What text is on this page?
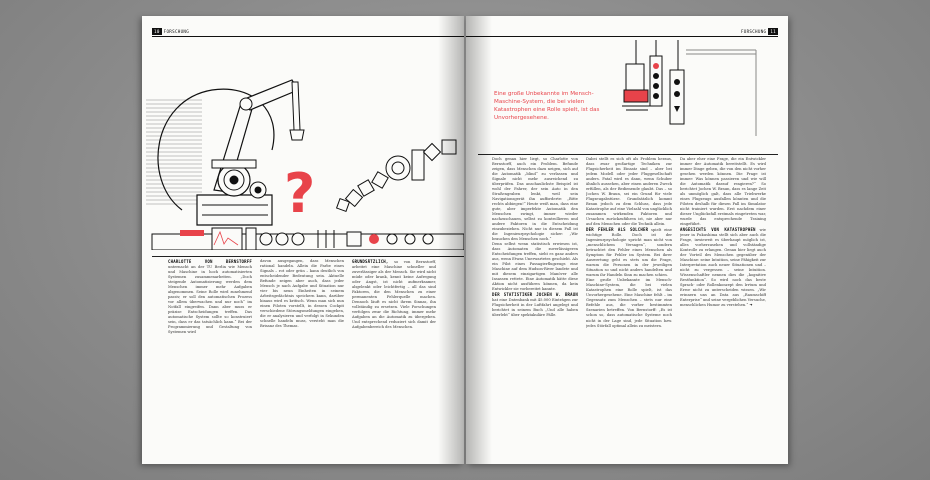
10 FORSCHUNG
?
CHARLOTTE VON BERNSTORFF unternacht an der TU Berlin wie Mensch und Maschine in hoch automatisierten Systemen zusammenarbeiten. „Doch steigende Automatisierung werden dem Menschen immer mehr Aufgaben abgenommen. Seine Rolle wird zunehmend passiv, er soll den automatischen Prozess vor allem überwachen und nur noch“ im Notfall eingreifen. Dann aber muss er präzise Entscheidungen treffen. Das automatische System sollte so konstruiert sein, dass er das tatsächlich kann.“ Bei der Programmierung und Gestaltung von Systemen wird
davon ausgegangen, dass Menschen rational handeln. Allein die Farbe eines Signals – rot oder grün – kann deutlich von entscheidender Bedeutung sein. Aktuelle Befunde zeigen aber auch, dass jeder Mensch je nach Aufgabe und Situation nur vier bis neun Einheiten in seinem Arbeitsgedächtnis speichern kann, darüber hinaus wird es kritisch. Wenn man sich nun einen Piloten vorstellt, in dessen Cockpit verschiedene Störungsmeldungen eingehen, die er analysieren und verfolgt in Sekunden schnelle handeln muss, versteht man die Brisanz des Themas.
GRUNDSÄTZLICH, so von Bernstorff, arbeitet eine Maschine schneller und zuverlässiger als der Mensch. Sie wird nicht müde oder krank, kennt keine Aufregung oder Angst, ist nicht aufmerksamer, abgelenkt oder leichtfertig – all das sind Faktoren, die den Menschen zu einer permanenten Fehlerquelle machen. Dennoch läuft es nicht ihrem Sinnas, ihn vollständig zu ersetzen. Viele Forschungen verfolgen zwar die Richtung, immer mehr Aufgaben an die Automatik zu übergeben. Und entsprechend reduziert sich damit der Aufgabenbereich des Menschen.
FORSCHUNG 11
Eine große Unbekannte im Mensch-Maschine-System, die bei vielen Katastrophen eine Rolle spielt, ist das Unvorhergesehene.
Doch genau hier liegt, so Charlotte von Bernstorff, auch ein Problem. Befunde zeigen, dass Menschen dazu neigen, sich auf die Automatik „blind“ zu verlassen und Signale nicht mehr ausreichend zu überprüfen. Das anschaulichste Beispiel ist wohl der Fahrer, der sein Auto in den Straßengraben lenkt, weil sein Navigationsgerät ihn aufforderte: „Bitte rechts abbiegen!“ Heute weiß man, dass eine gute, aber imperfekte Automatik den Menschen zwingt, immer wieder nachzuschauen, selbst zu kontrollieren und andere Faktoren in die Entscheidung einzubeziehen. Nicht nur in diesem Fall ist die Ingenieurpsychologie sicher: „Wir brauchen den Menschen noch.“
Denn selbst wenn statistisch erwiesen ist, dass Automaten die zuverlässigeren Entscheidungen treffen, sieht es ganz anders aus, wenn Etwas Unerwartetes geschieht. Als ein Pilot eines Passagierflugzeugs eine Maschine auf dem Hudson-River landete und mit diesem einzigartigen Manöver alle Insassen rettete. Eine Automatik hätte diese Aktion nicht ausführen können, da kein Entwickler sie vorbereitet kannte.
DER STATISTIKER JOCHEN W. BRAUN hat eine Datenbank mit 45.000 Einträgen zur Flugsicherheit in der Luftfahrt angelegt und berichtet in seinem Buch „Und alle haben überlebt“ über spektakuläre Fälle.
Dabei stellt es sich oft als Problem heraus, dass zwar großartige Techniken zur Flugsicherheit im Einsatz sind – aber bei jedem Modell oder jeder Fluggesellschaft anders. Fatal wird es dann, wenn Schuber ähnlich aussehen, aber einen anderen Zweck erfüllen, als der Bedienende glaubt. Das – so Jochen W. Braun, sei ein Grund für viele Flugzeugabstürze. Grundsätzlich kommt Braun jedoch zu dem Schluss, dass jede Katastrophe auf eine Vielzahl von unglücklich zusammen wirkenden Faktoren und Ursachen zurückzuführen ist, nie aber nur auf den Menschen oder die Technik allein.
DER FEHLER ALS SOLCHER spielt eine wichtige Rolle. Doch ist der Ingenieurpsychologie spricht man nicht von „menschlichem Versagen“, sondern betrachtet den Fehler eines Menschen als Symptom für Fehler im System. Bei ihrer Auswertung geht es stets um die Frage, warum die Personen in der jeweiligen Situation so und nicht anders handelten und warum ihr Handeln Sinn zu machen schien.
Eine große Unbekannte im Mensch-Maschine-System, die bei vielen Katastrophen eine Rolle spielt, ist das Unvorhergesehene. Eine Maschine fehlt – im Gegensatz zum Menschen – stets nur eine Befehle aus, die vorher bestimmten Szenarien betreffen. Von Bernstorff: „Es ist schon so, dass automatische Systeme noch nicht in der Lage sind, jede Situation bzw. jedes Störfall optimal allein zu meistern.
Da aber eher eine Frage, die ein Entwickler immer der Automatik bereitstellt. Es wird immer Dinge geben, die von den nicht vorher gesehen werden können. Die Frage ist immer: Was können passieren und wie will die Automatik darauf reagieren?“ So berichtet Jochen W. Braun, dass es lange Zeit als unmöglich galt, dass alle Triebwerke eines Flugzeugs ausfallen könnten und die Piloten deshalb für diesen Fall im Simulator nicht trainiert wurden. Erst nachdem einer dieser Unglücksfall erstmals eingetreten war, wurde das entsprechende Training eingeführt.
ANGESICHTS VON KATASTROPHEN wie jener in Fukushima stellt sich aber auch die Frage, inwieweit es überhaupt möglich ist, alles vorherzusehen und vollständige Kontrolle zu erlangen. Genau hier liegt auch der Vorteil des Menschen gegenüber der Maschine: seine Intuition, seine Fähigkeit zur Interpretation auch neuer Situationen und – nicht zu vergessen – seine Intuition. Wissenschaftler nennen dies die „kognitive Restfunktion“. So wird noch das beste Sprach- oder Rollenkonzept den Irrtum und Error nicht zu unterscheiden wissen. „Wir erinnern uns an Data aus „Raumschiff Enterprise“ und seine vergeblichen Versuche, menschlichen Humor zu verstehen.“ ➜
